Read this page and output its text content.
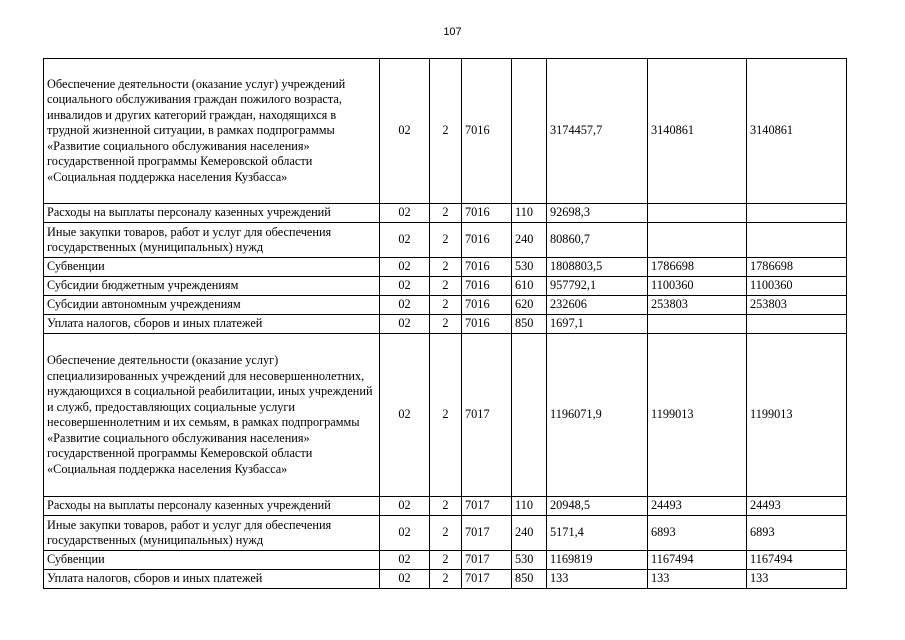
107
Обеспечение деятельности (оказание услуг) учреждений социального обслуживания граждан пожилого возраста, инвалидов и других категорий граждан, находящихся в трудной жизненной ситуации, в рамках подпрограммы «Развитие социального обслуживания населения» государственной программы Кемеровской области «Социальная поддержка населения Кузбасса»	02	2	7016		3174457,7	3140861	3140861
Расходы на выплаты персоналу казенных учреждений	02	2	7016	110	92698,3		
Иные закупки товаров, работ и услуг для обеспечения государственных (муниципальных) нужд	02	2	7016	240	80860,7		
Субвенции	02	2	7016	530	1808803,5	1786698	1786698
Субсидии бюджетным учреждениям	02	2	7016	610	957792,1	1100360	1100360
Субсидии автономным учреждениям	02	2	7016	620	232606	253803	253803
Уплата налогов, сборов и иных платежей	02	2	7016	850	1697,1		
Обеспечение деятельности (оказание услуг) специализированных учреждений для несовершеннолетних, нуждающихся в социальной реабилитации, иных учреждений и служб, предоставляющих социальные услуги несовершеннолетним и их семьям, в рамках подпрограммы «Развитие социального обслуживания населения» государственной программы Кемеровской области «Социальная поддержка населения Кузбасса»	02	2	7017		1196071,9	1199013	1199013
Расходы на выплаты персоналу казенных учреждений	02	2	7017	110	20948,5	24493	24493
Иные закупки товаров, работ и услуг для обеспечения государственных (муниципальных) нужд	02	2	7017	240	5171,4	6893	6893
Субвенции	02	2	7017	530	1169819	1167494	1167494
Уплата налогов, сборов и иных платежей	02	2	7017	850	133	133	133
